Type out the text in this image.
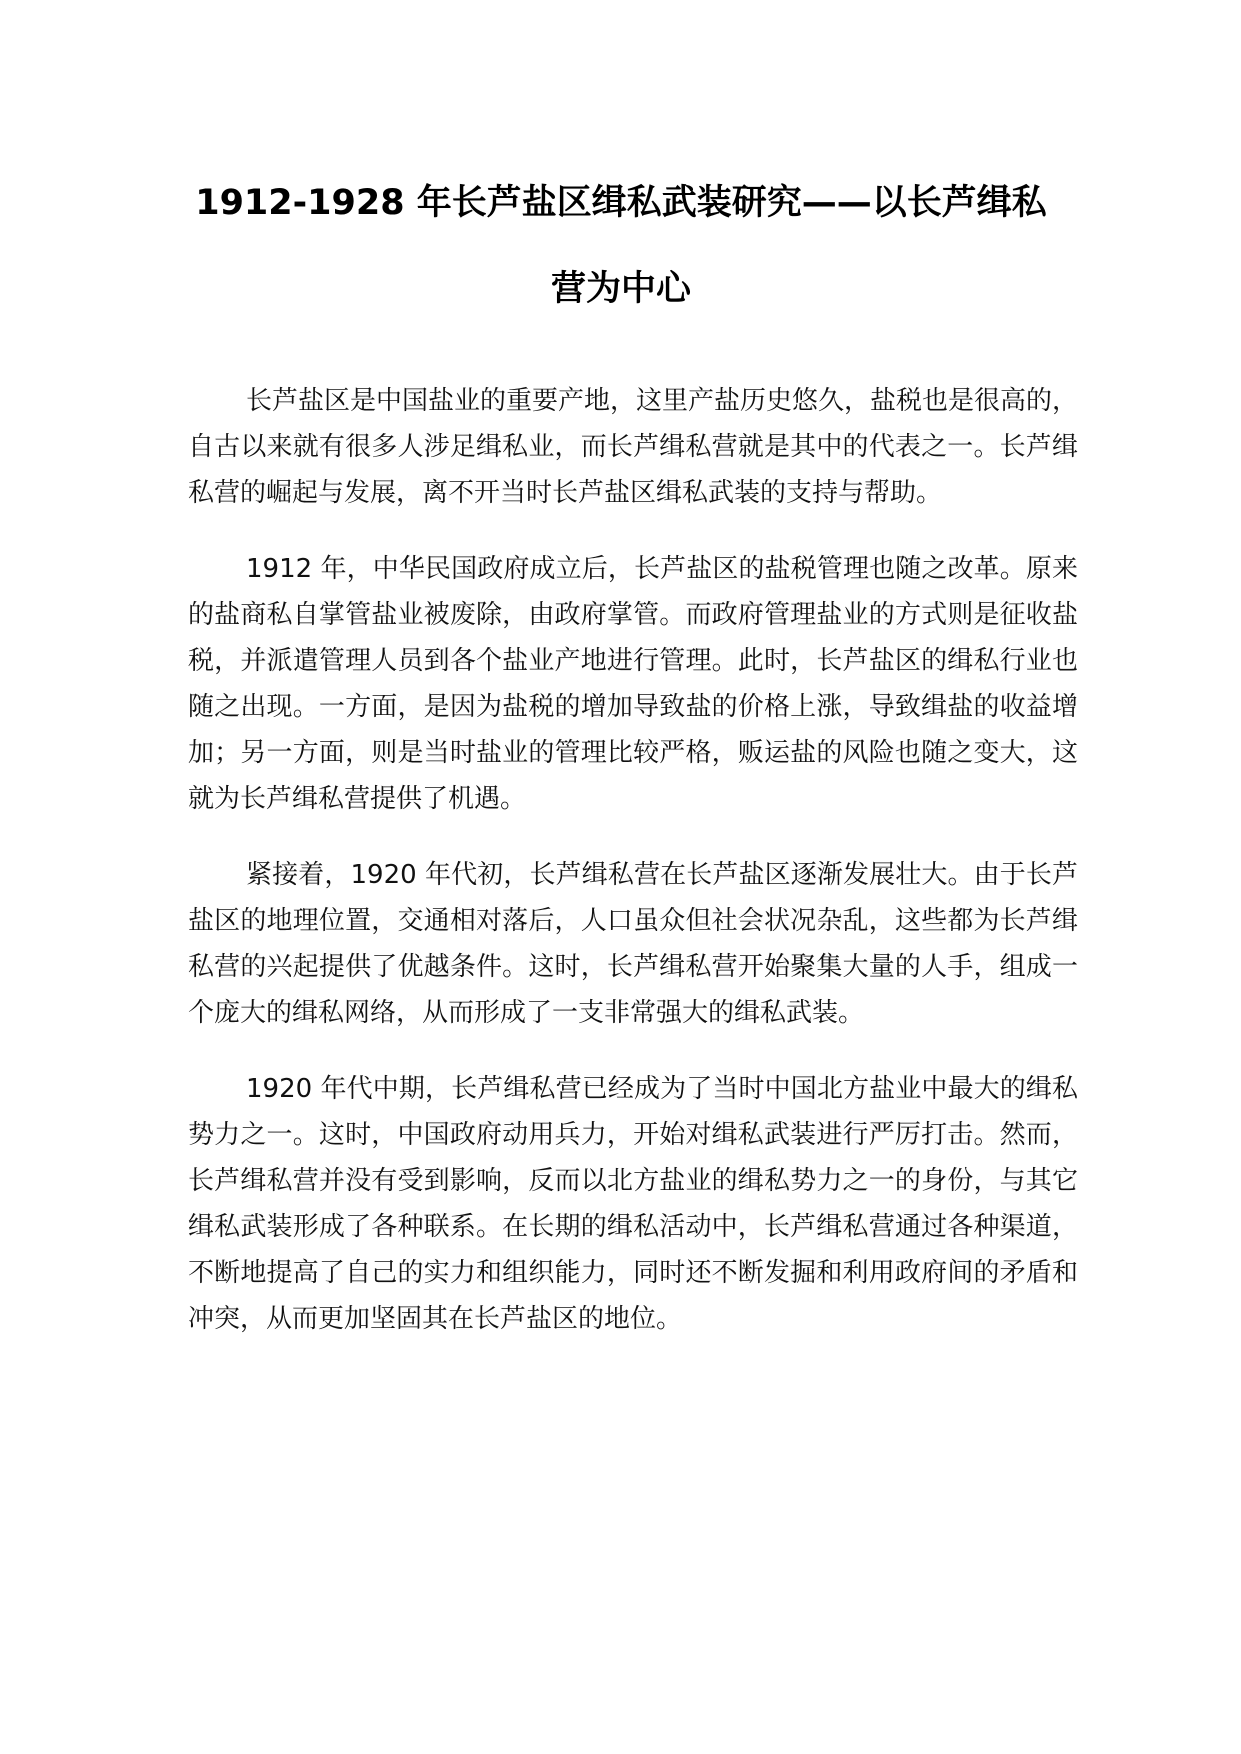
1912-1928 年长芦盐区缉私武装研究——以长芦缉私营为中心

长芦盐区是中国盐业的重要产地，这里产盐历史悠久，盐税也是很高的，自古以来就有很多人涉足缉私业，而长芦缉私营就是其中的代表之一。长芦缉私营的崛起与发展，离不开当时长芦盐区缉私武装的支持与帮助。

1912 年，中华民国政府成立后，长芦盐区的盐税管理也随之改革。原来的盐商私自掌管盐业被废除，由政府掌管。而政府管理盐业的方式则是征收盐税，并派遣管理人员到各个盐业产地进行管理。此时，长芦盐区的缉私行业也随之出现。一方面，是因为盐税的增加导致盐的价格上涨，导致缉盐的收益增加；另一方面，则是当时盐业的管理比较严格，贩运盐的风险也随之变大，这就为长芦缉私营提供了机遇。

紧接着，1920 年代初，长芦缉私营在长芦盐区逐渐发展壮大。由于长芦盐区的地理位置，交通相对落后，人口虽众但社会状况杂乱，这些都为长芦缉私营的兴起提供了优越条件。这时，长芦缉私营开始聚集大量的人手，组成一个庞大的缉私网络，从而形成了一支非常强大的缉私武装。

1920 年代中期，长芦缉私营已经成为了当时中国北方盐业中最大的缉私势力之一。这时，中国政府动用兵力，开始对缉私武装进行严厉打击。然而，长芦缉私营并没有受到影响，反而以北方盐业的缉私势力之一的身份，与其它缉私武装形成了各种联系。在长期的缉私活动中，长芦缉私营通过各种渠道，不断地提高了自己的实力和组织能力，同时还不断发掘和利用政府间的矛盾和冲突，从而更加坚固其在长芦盐区的地位。
